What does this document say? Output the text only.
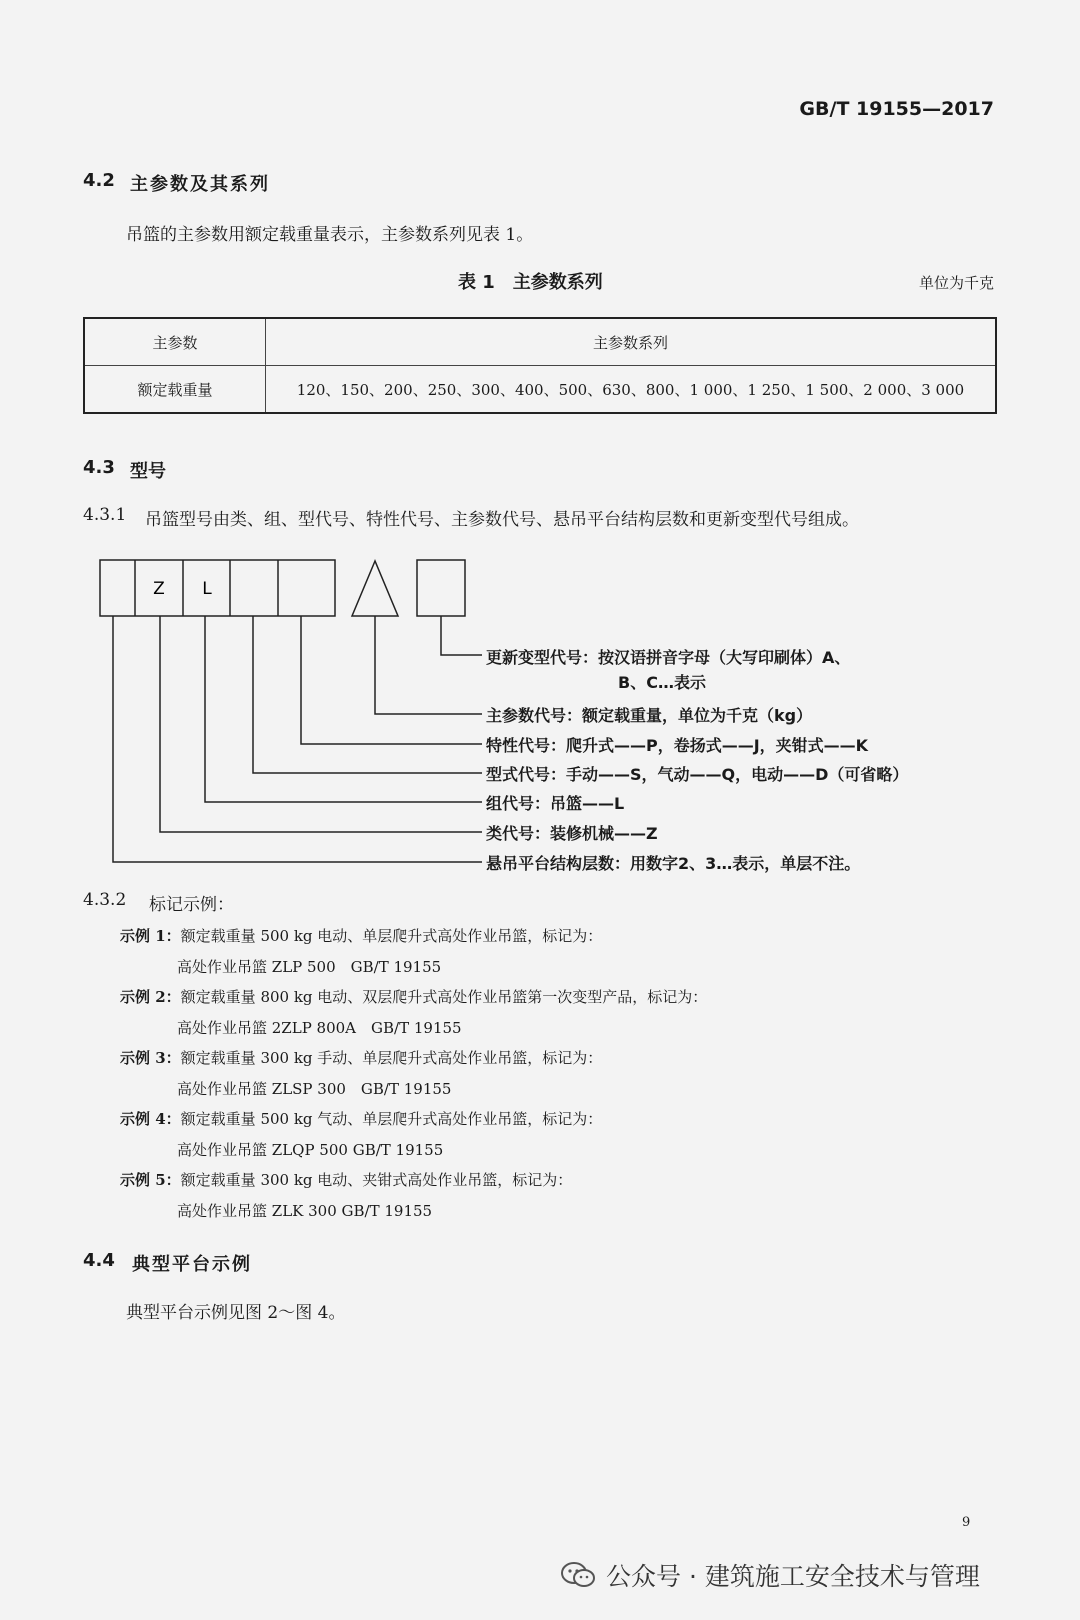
GB/T 19155—2017
4.2 主参数及其系列
吊篮的主参数用额定载重量表示，主参数系列见表 1。
表 1　主参数系列	单位为千克
主参数	主参数系列
额定载重量	120、150、200、250、300、400、500、630、800、1 000、1 250、1 500、2 000、3 000
4.3 型号
4.3.1 吊篮型号由类、组、型代号、特性代号、主参数代号、悬吊平台结构层数和更新变型代号组成。
Z L
更新变型代号：按汉语拼音字母（大写印刷体）A、
B、C…表示
主参数代号：额定载重量，单位为千克（kg）
特性代号：爬升式——P，卷扬式——J，夹钳式——K
型式代号：手动——S，气动——Q，电动——D（可省略）
组代号：吊篮——L
类代号：装修机械——Z
悬吊平台结构层数：用数字2、3…表示，单层不注。
4.3.2 标记示例：
示例 1：额定载重量 500 kg 电动、单层爬升式高处作业吊篮，标记为：
高处作业吊篮 ZLP 500　GB/T 19155
示例 2：额定载重量 800 kg 电动、双层爬升式高处作业吊篮第一次变型产品，标记为：
高处作业吊篮 2ZLP 800A　GB/T 19155
示例 3：额定载重量 300 kg 手动、单层爬升式高处作业吊篮，标记为：
高处作业吊篮 ZLSP 300　GB/T 19155
示例 4：额定载重量 500 kg 气动、单层爬升式高处作业吊篮，标记为：
高处作业吊篮 ZLQP 500 GB/T 19155
示例 5：额定载重量 300 kg 电动、夹钳式高处作业吊篮，标记为：
高处作业吊篮 ZLK 300 GB/T 19155
4.4 典型平台示例
典型平台示例见图 2～图 4。
9
公众号 · 建筑施工安全技术与管理
